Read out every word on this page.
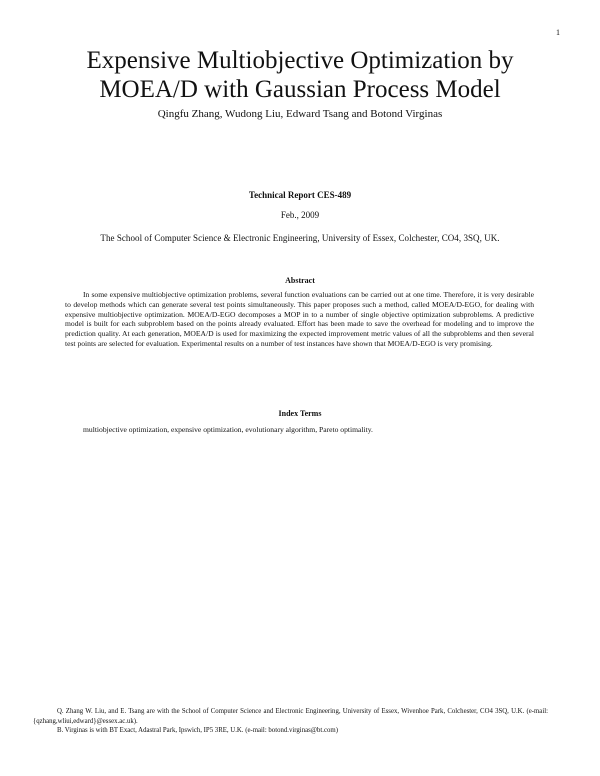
1
Expensive Multiobjective Optimization by
MOEA/D with Gaussian Process Model
Qingfu Zhang, Wudong Liu, Edward Tsang and Botond Virginas
Technical Report CES-489
Feb., 2009
The School of Computer Science & Electronic Engineering, University of Essex, Colchester, CO4, 3SQ, UK.
Abstract

In some expensive multiobjective optimization problems, several function evaluations can be carried out at one time. Therefore, it is very desirable to develop methods which can generate several test points simultaneously. This paper proposes such a method, called MOEA/D-EGO, for dealing with expensive multiobjective optimization. MOEA/D-EGO decomposes a MOP in to a number of single objective optimization subproblems. A predictive model is built for each subproblem based on the points already evaluated. Effort has been made to save the overhead for modeling and to improve the prediction quality. At each generation, MOEA/D is used for maximizing the expected improvement metric values of all the subproblems and then several test points are selected for evaluation. Experimental results on a number of test instances have shown that MOEA/D-EGO is very promising.

Index Terms

multiobjective optimization, expensive optimization, evolutionary algorithm, Pareto optimality.

Q. Zhang W. Liu, and E. Tsang are with the School of Computer Science and Electronic Engineering, University of Essex, Wivenhoe Park, Colchester, CO4 3SQ, U.K. (e-mail: {qzhang,wliui,edward}@essex.ac.uk).
B. Virginas is with BT Exact, Adastral Park, Ipswich, IP5 3RE, U.K. (e-mail: botond.virginas@bt.com)
